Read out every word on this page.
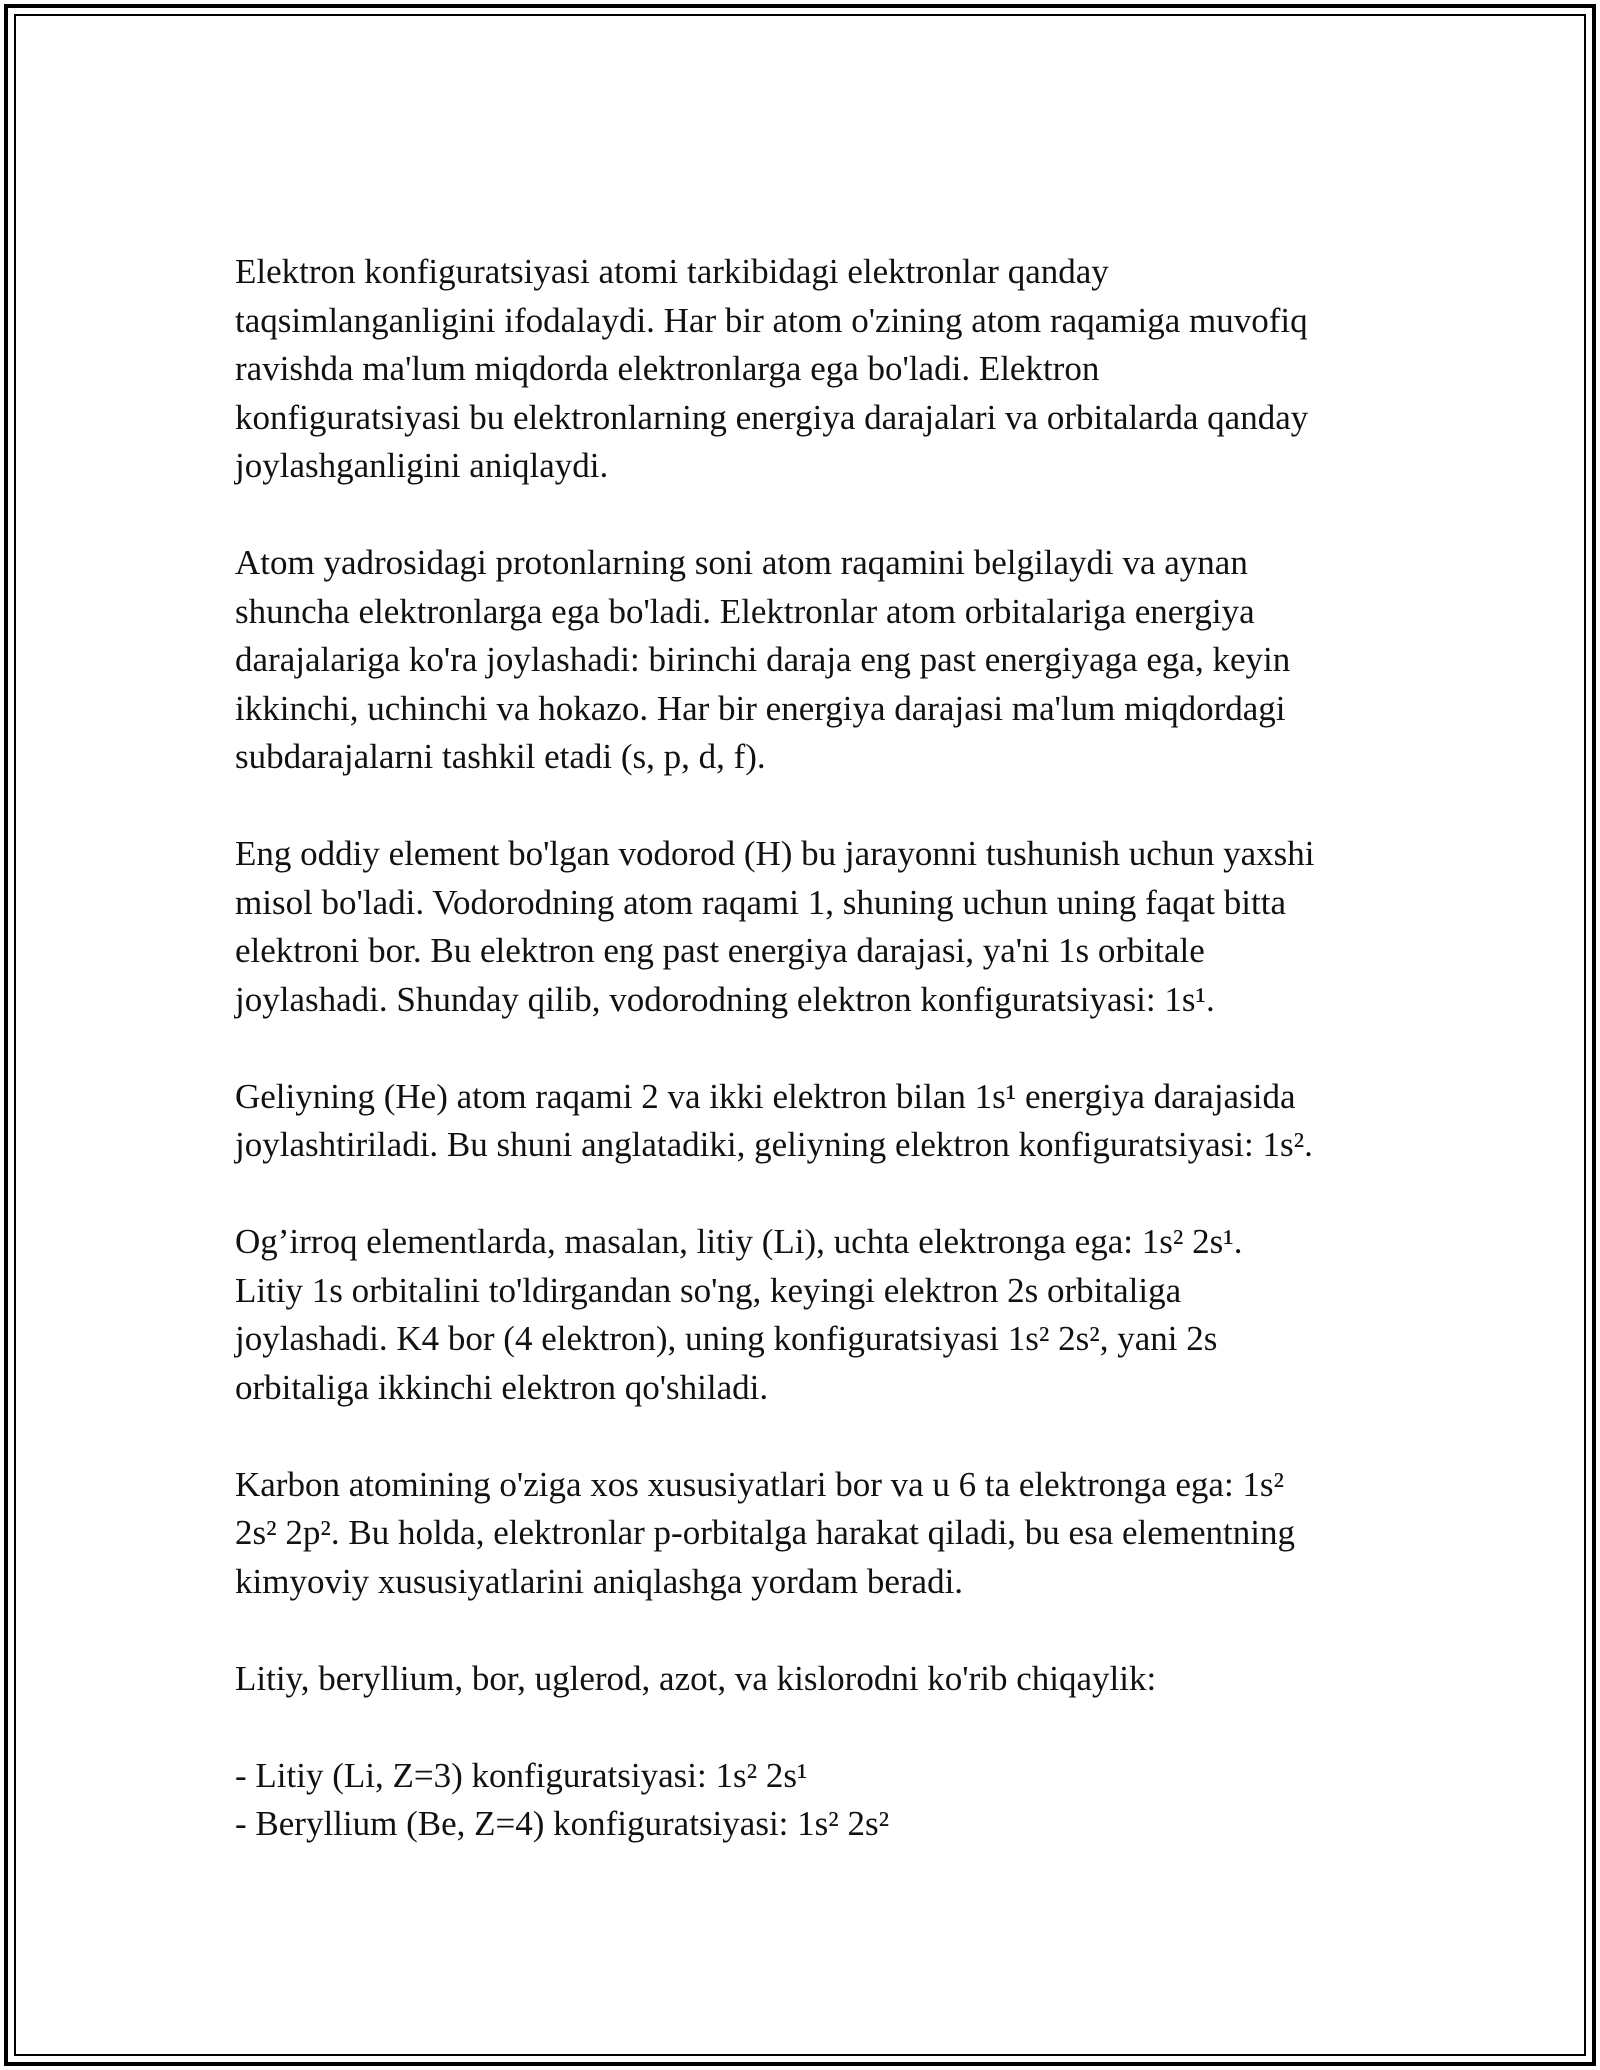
Elektron konfiguratsiyasi atomi tarkibidagi elektronlar qanday
taqsimlanganligini ifodalaydi. Har bir atom o'zining atom raqamiga muvofiq
ravishda ma'lum miqdorda elektronlarga ega bo'ladi. Elektron
konfiguratsiyasi bu elektronlarning energiya darajalari va orbitalarda qanday
joylashganligini aniqlaydi.

Atom yadrosidagi protonlarning soni atom raqamini belgilaydi va aynan
shuncha elektronlarga ega bo'ladi. Elektronlar atom orbitalariga energiya
darajalariga ko'ra joylashadi: birinchi daraja eng past energiyaga ega, keyin
ikkinchi, uchinchi va hokazo. Har bir energiya darajasi ma'lum miqdordagi
subdarajalarni tashkil etadi (s, p, d, f).

Eng oddiy element bo'lgan vodorod (H) bu jarayonni tushunish uchun yaxshi
misol bo'ladi. Vodorodning atom raqami 1, shuning uchun uning faqat bitta
elektroni bor. Bu elektron eng past energiya darajasi, ya'ni 1s orbitale
joylashadi. Shunday qilib, vodorodning elektron konfiguratsiyasi: 1s¹.

Geliyning (He) atom raqami 2 va ikki elektron bilan 1s¹ energiya darajasida
joylashtiriladi. Bu shuni anglatadiki, geliyning elektron konfiguratsiyasi: 1s².

Og’irroq elementlarda, masalan, litiy (Li), uchta elektronga ega: 1s² 2s¹.
Litiy 1s orbitalini to'ldirgandan so'ng, keyingi elektron 2s orbitaliga
joylashadi. K4 bor (4 elektron), uning konfiguratsiyasi 1s² 2s², yani 2s
orbitaliga ikkinchi elektron qo'shiladi.

Karbon atomining o'ziga xos xususiyatlari bor va u 6 ta elektronga ega: 1s²
2s² 2p². Bu holda, elektronlar p-orbitalga harakat qiladi, bu esa elementning
kimyoviy xususiyatlarini aniqlashga yordam beradi.

Litiy, beryllium, bor, uglerod, azot, va kislorodni ko'rib chiqaylik:

- Litiy (Li, Z=3) konfiguratsiyasi: 1s² 2s¹
- Beryllium (Be, Z=4) konfiguratsiyasi: 1s² 2s²
